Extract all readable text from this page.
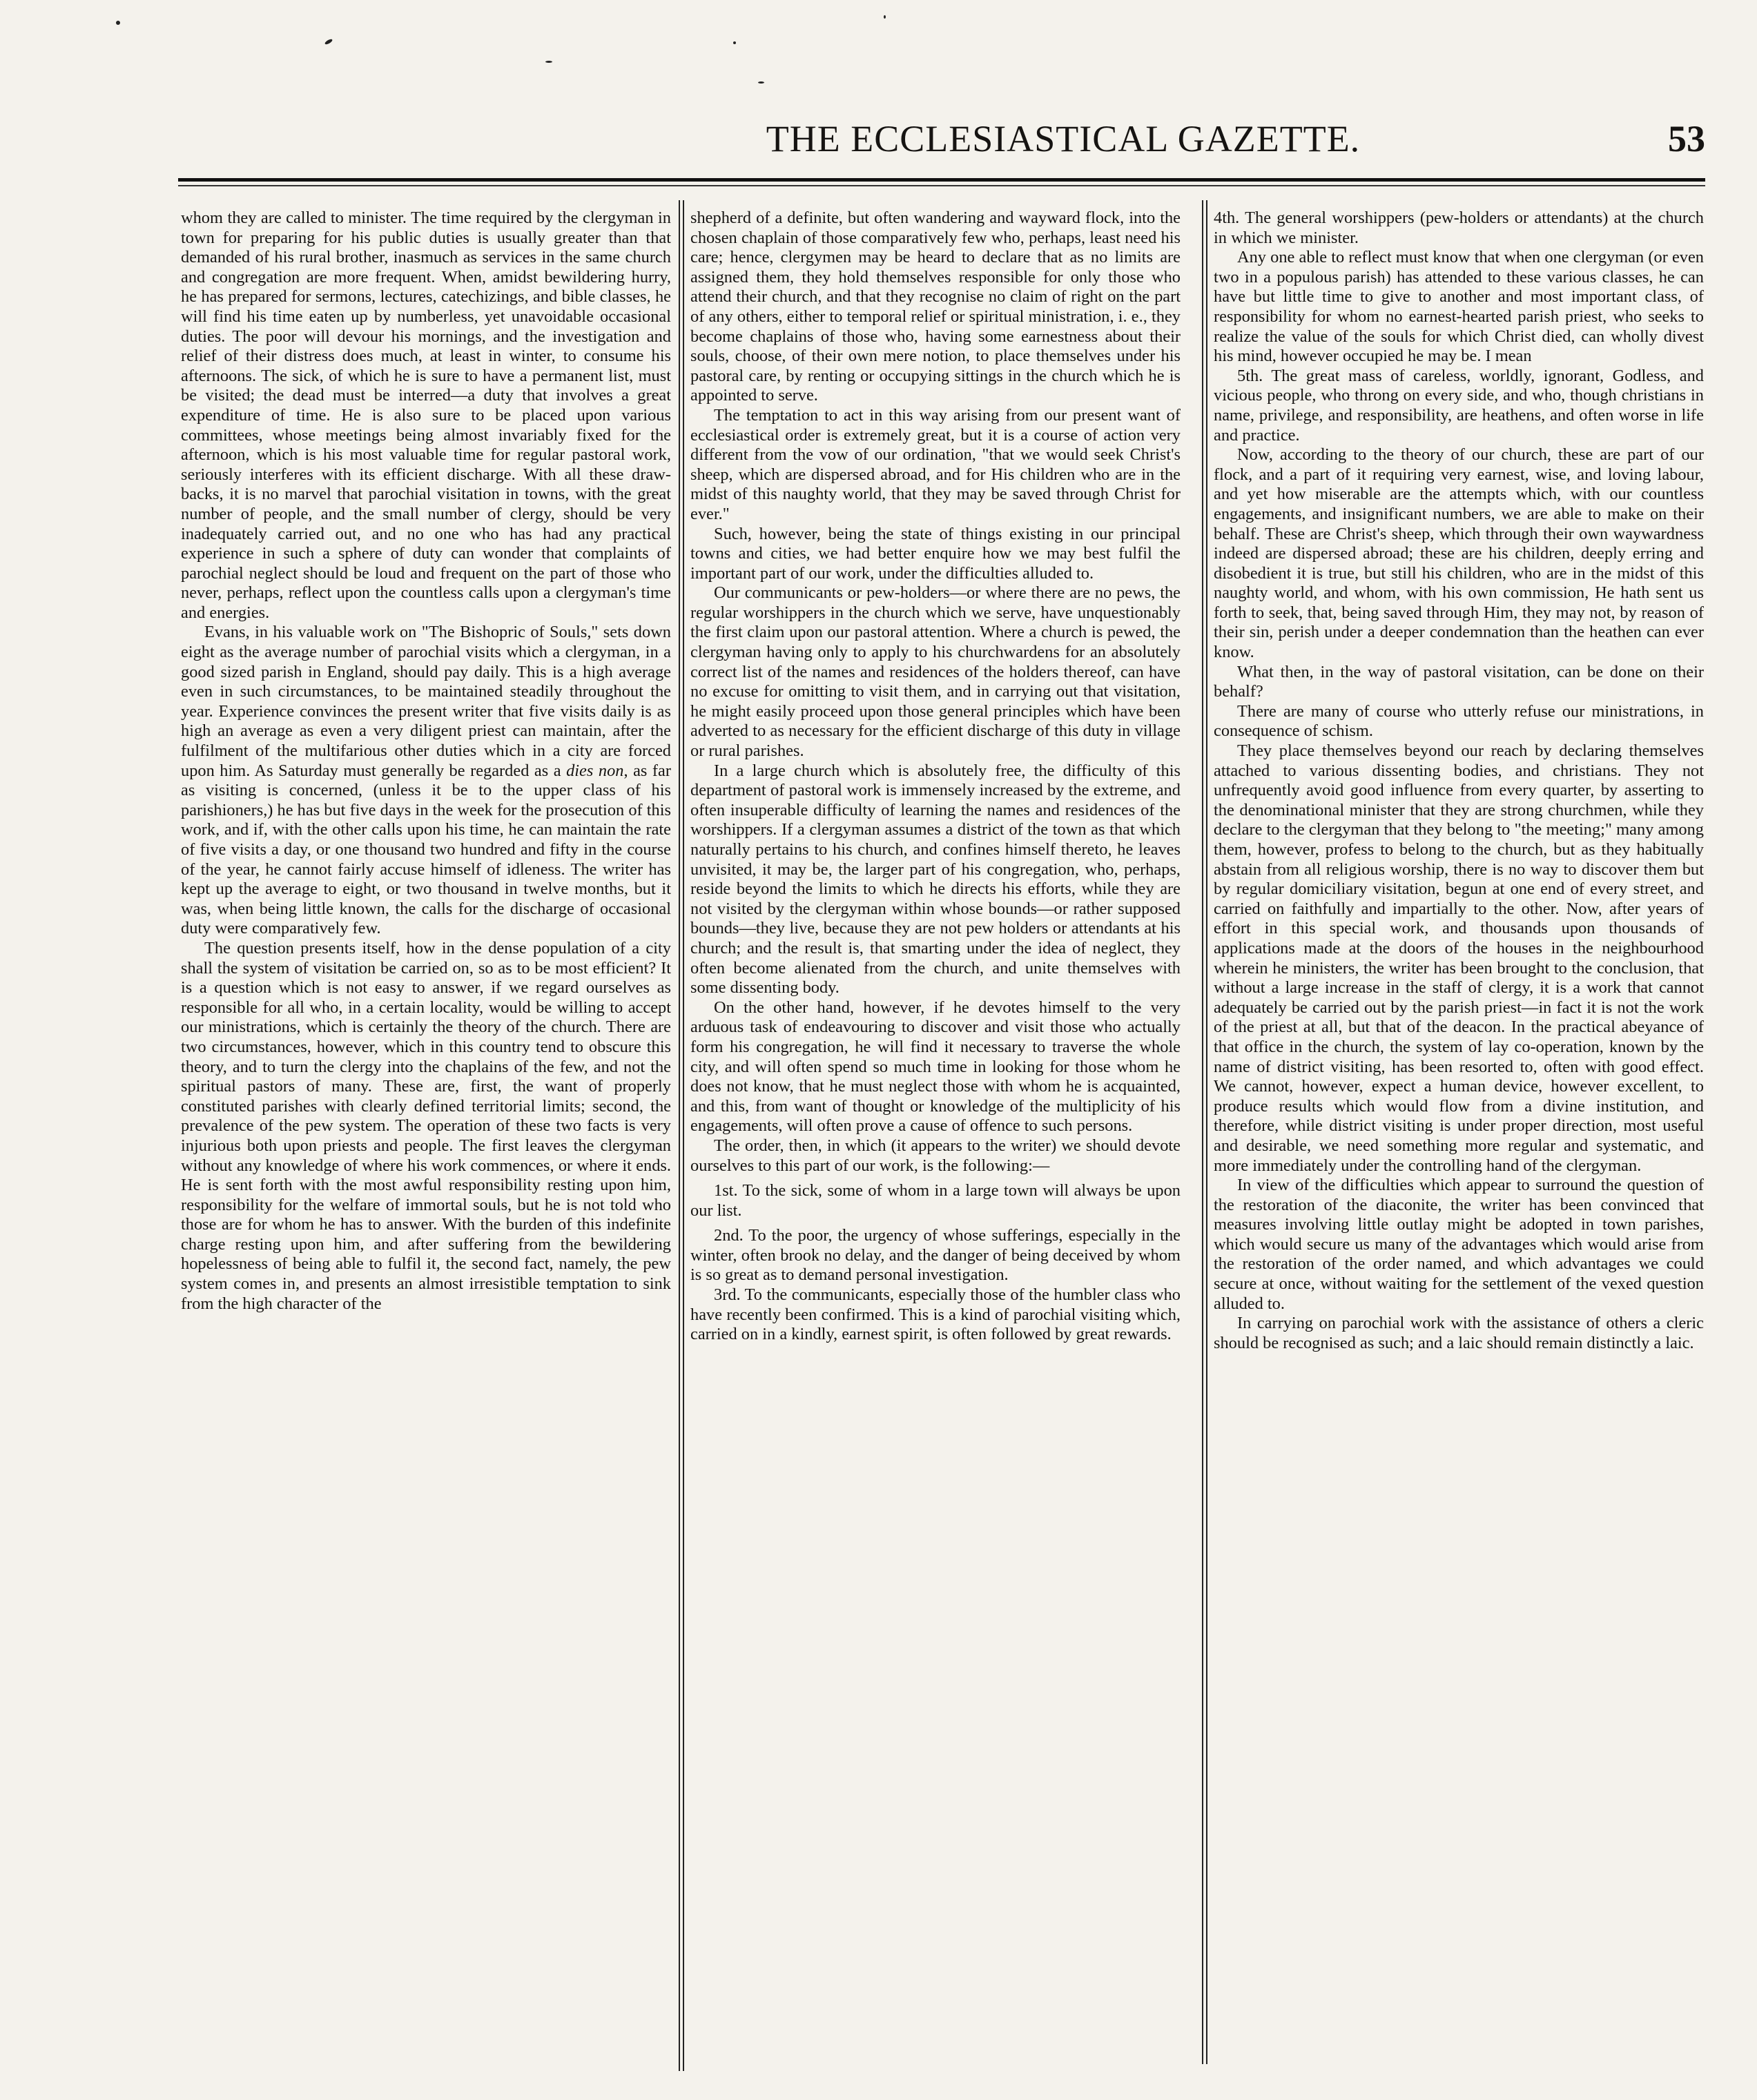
THE ECCLESIASTICAL GAZETTE.	53

whom they are called to minister. The time required by the clergyman in town for preparing for his public duties is usually greater than that demanded of his rural brother, inasmuch as services in the same church and congregation are more frequent. When, amidst bewildering hurry, he has prepared for sermons, lectures, catechizings, and bible classes, he will find his time eaten up by numberless, yet unavoidable occasional duties. The poor will devour his mornings, and the investigation and relief of their distress does much, at least in winter, to consume his afternoons. The sick, of which he is sure to have a permanent list, must be visited; the dead must be interred—a duty that involves a great expenditure of time. He is also sure to be placed upon various committees, whose meetings being almost invariably fixed for the afternoon, which is his most valuable time for regular pastoral work, seriously interferes with its efficient discharge. With all these draw-backs, it is no marvel that parochial visitation in towns, with the great number of people, and the small number of clergy, should be very inadequately carried out, and no one who has had any practical experience in such a sphere of duty can wonder that complaints of parochial neglect should be loud and frequent on the part of those who never, perhaps, reflect upon the countless calls upon a clergyman's time and energies.

Evans, in his valuable work on "The Bishopric of Souls," sets down eight as the average number of parochial visits which a clergyman, in a good sized parish in England, should pay daily. This is a high average even in such circumstances, to be maintained steadily throughout the year. Experience convinces the present writer that five visits daily is as high an average as even a very diligent priest can maintain, after the fulfilment of the multifarious other duties which in a city are forced upon him. As Saturday must generally be regarded as a dies non, as far as visiting is concerned, (unless it be to the upper class of his parishioners,) he has but five days in the week for the prosecution of this work, and if, with the other calls upon his time, he can maintain the rate of five visits a day, or one thousand two hundred and fifty in the course of the year, he cannot fairly accuse himself of idleness. The writer has kept up the average to eight, or two thousand in twelve months, but it was, when being little known, the calls for the discharge of occasional duty were comparatively few.

The question presents itself, how in the dense population of a city shall the system of visitation be carried on, so as to be most efficient? It is a question which is not easy to answer, if we regard ourselves as responsible for all who, in a certain locality, would be willing to accept our ministrations, which is certainly the theory of the church. There are two circumstances, however, which in this country tend to obscure this theory, and to turn the clergy into the chaplains of the few, and not the spiritual pastors of many. These are, first, the want of properly constituted parishes with clearly defined territorial limits; second, the prevalence of the pew system. The operation of these two facts is very injurious both upon priests and people. The first leaves the clergyman without any knowledge of where his work commences, or where it ends. He is sent forth with the most awful responsibility resting upon him, responsibility for the welfare of immortal souls, but he is not told who those are for whom he has to answer. With the burden of this indefinite charge resting upon him, and after suffering from the bewildering hopelessness of being able to fulfil it, the second fact, namely, the pew system comes in, and presents an almost irresistible temptation to sink from the high character of the

shepherd of a definite, but often wandering and wayward flock, into the chosen chaplain of those comparatively few who, perhaps, least need his care; hence, clergymen may be heard to declare that as no limits are assigned them, they hold themselves responsible for only those who attend their church, and that they recognise no claim of right on the part of any others, either to temporal relief or spiritual ministration, i. e., they become chaplains of those who, having some earnestness about their souls, choose, of their own mere notion, to place themselves under his pastoral care, by renting or occupying sittings in the church which he is appointed to serve.

The temptation to act in this way arising from our present want of ecclesiastical order is extremely great, but it is a course of action very different from the vow of our ordination, "that we would seek Christ's sheep, which are dispersed abroad, and for His children who are in the midst of this naughty world, that they may be saved through Christ for ever."

Such, however, being the state of things existing in our principal towns and cities, we had better enquire how we may best fulfil the important part of our work, under the difficulties alluded to.

Our communicants or pew-holders—or where there are no pews, the regular worshippers in the church which we serve, have unquestionably the first claim upon our pastoral attention. Where a church is pewed, the clergyman having only to apply to his churchwardens for an absolutely correct list of the names and residences of the holders thereof, can have no excuse for omitting to visit them, and in carrying out that visitation, he might easily proceed upon those general principles which have been adverted to as necessary for the efficient discharge of this duty in village or rural parishes.

In a large church which is absolutely free, the difficulty of this department of pastoral work is immensely increased by the extreme, and often insuperable difficulty of learning the names and residences of the worshippers. If a clergyman assumes a district of the town as that which naturally pertains to his church, and confines himself thereto, he leaves unvisited, it may be, the larger part of his congregation, who, perhaps, reside beyond the limits to which he directs his efforts, while they are not visited by the clergyman within whose bounds—or rather supposed bounds—they live, because they are not pew holders or attendants at his church; and the result is, that smarting under the idea of neglect, they often become alienated from the church, and unite themselves with some dissenting body.

On the other hand, however, if he devotes himself to the very arduous task of endeavouring to discover and visit those who actually form his congregation, he will find it necessary to traverse the whole city, and will often spend so much time in looking for those whom he does not know, that he must neglect those with whom he is acquainted, and this, from want of thought or knowledge of the multiplicity of his engagements, will often prove a cause of offence to such persons.

The order, then, in which (it appears to the writer) we should devote ourselves to this part of our work, is the following:—

1st. To the sick, some of whom in a large town will always be upon our list.

2nd. To the poor, the urgency of whose sufferings, especially in the winter, often brook no delay, and the danger of being deceived by whom is so great as to demand personal investigation.

3rd. To the communicants, especially those of the humbler class who have recently been confirmed. This is a kind of parochial visiting which, carried on in a kindly, earnest spirit, is often followed by great rewards.

4th. The general worshippers (pew-holders or attendants) at the church in which we minister.

Any one able to reflect must know that when one clergyman (or even two in a populous parish) has attended to these various classes, he can have but little time to give to another and most important class, of responsibility for whom no earnest-hearted parish priest, who seeks to realize the value of the souls for which Christ died, can wholly divest his mind, however occupied he may be. I mean

5th. The great mass of careless, worldly, ignorant, Godless, and vicious people, who throng on every side, and who, though christians in name, privilege, and responsibility, are heathens, and often worse in life and practice.

Now, according to the theory of our church, these are part of our flock, and a part of it requiring very earnest, wise, and loving labour, and yet how miserable are the attempts which, with our countless engagements, and insignificant numbers, we are able to make on their behalf. These are Christ's sheep, which through their own waywardness indeed are dispersed abroad; these are his children, deeply erring and disobedient it is true, but still his children, who are in the midst of this naughty world, and whom, with his own commission, He hath sent us forth to seek, that, being saved through Him, they may not, by reason of their sin, perish under a deeper condemnation than the heathen can ever know.

What then, in the way of pastoral visitation, can be done on their behalf?

There are many of course who utterly refuse our ministrations, in consequence of schism.

They place themselves beyond our reach by declaring themselves attached to various dissenting bodies, and christians. They not unfrequently avoid good influence from every quarter, by asserting to the denominational minister that they are strong churchmen, while they declare to the clergyman that they belong to "the meeting;" many among them, however, profess to belong to the church, but as they habitually abstain from all religious worship, there is no way to discover them but by regular domiciliary visitation, begun at one end of every street, and carried on faithfully and impartially to the other. Now, after years of effort in this special work, and thousands upon thousands of applications made at the doors of the houses in the neighbourhood wherein he ministers, the writer has been brought to the conclusion, that without a large increase in the staff of clergy, it is a work that cannot adequately be carried out by the parish priest—in fact it is not the work of the priest at all, but that of the deacon. In the practical abeyance of that office in the church, the system of lay co-operation, known by the name of district visiting, has been resorted to, often with good effect. We cannot, however, expect a human device, however excellent, to produce results which would flow from a divine institution, and therefore, while district visiting is under proper direction, most useful and desirable, we need something more regular and systematic, and more immediately under the controlling hand of the clergyman.

In view of the difficulties which appear to surround the question of the restoration of the diaconite, the writer has been convinced that measures involving little outlay might be adopted in town parishes, which would secure us many of the advantages which would arise from the restoration of the order named, and which advantages we could secure at once, without waiting for the settlement of the vexed question alluded to.

In carrying on parochial work with the assistance of others a cleric should be recognised as such; and a laic should remain distinctly a laic.
